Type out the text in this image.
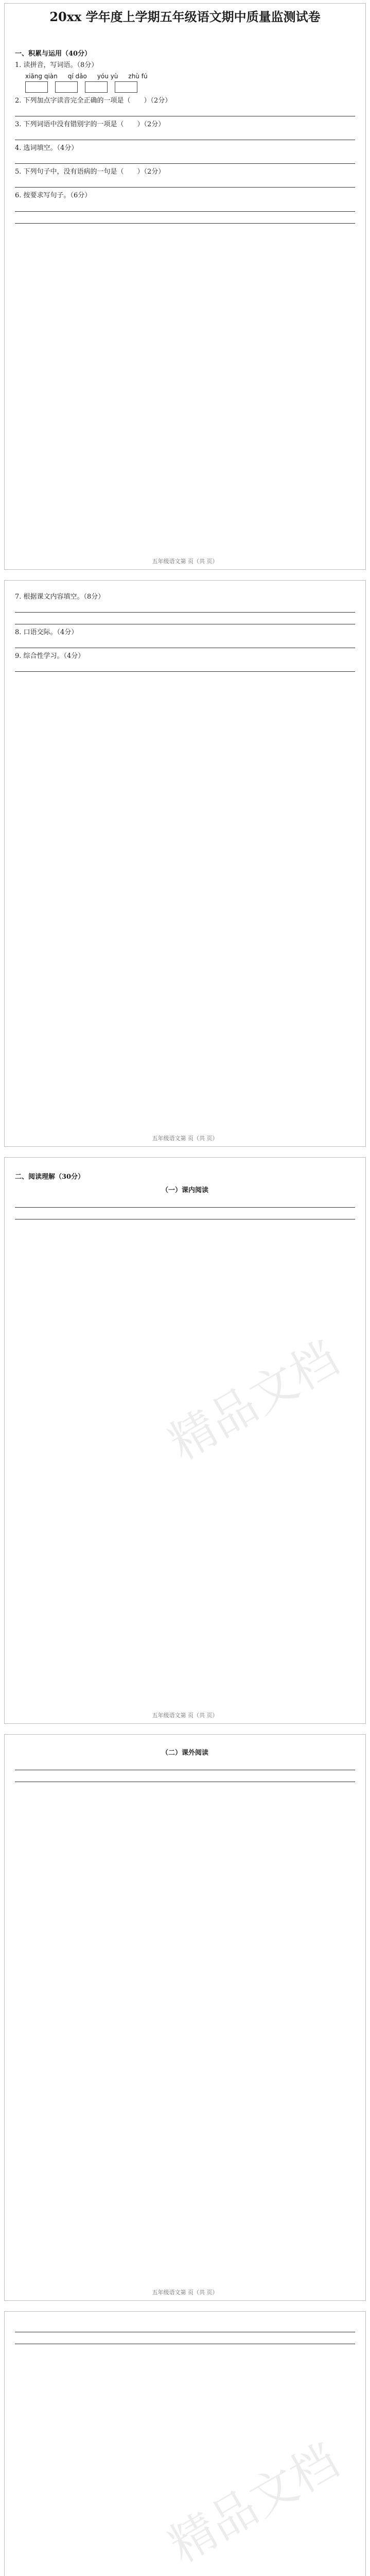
20xx 学年度上学期五年级语文期中质量监测试卷
一、积累与运用（40分）
1. 读拼音，写词语。（8分）
xiāng qiàn qí dǎo yóu yù zhù fú
2. 下列加点字读音完全正确的一项是（　　）（2分）
3. 下列词语中没有错别字的一项是（　　）（2分）
4. 选词填空。（4分）
5. 下列句子中，没有语病的一句是（　　）（2分）
6. 按要求写句子。（6分）
五年级语文第 页（共 页）
7. 根据课文内容填空。（8分）
8. 口语交际。（4分）
9. 综合性学习。（4分）
五年级语文第 页（共 页）
二、阅读理解（30分）
（一）课内阅读
精品文档
五年级语文第 页（共 页）
（二）课外阅读
五年级语文第 页（共 页）
精品文档
